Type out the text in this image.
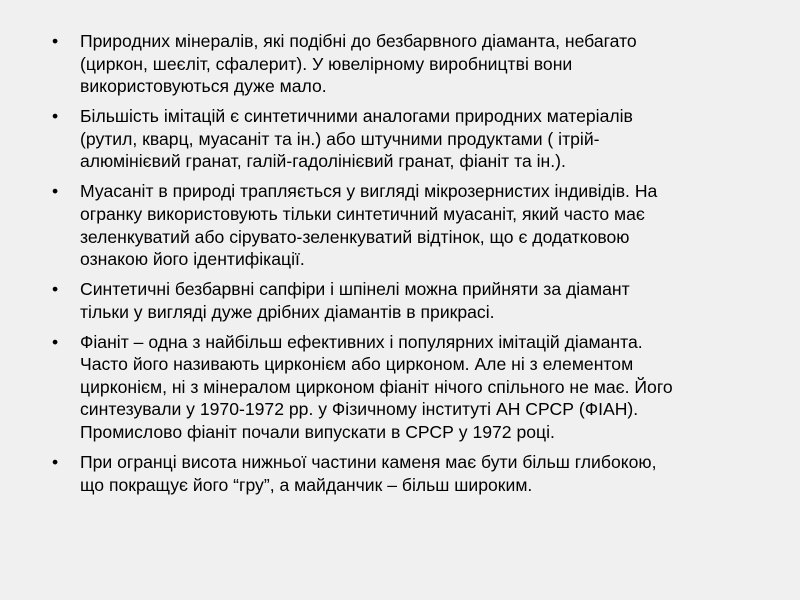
•	Природних мінералів, які подібні до безбарвного діаманта, небагато
(циркон, шеєліт, сфалерит). У ювелірному виробництві вони
використовуються дуже мало.
•	Більшість імітацій є синтетичними аналогами природних матеріалів
(рутил, кварц, муасаніт та ін.) або штучними продуктами ( ітрій-
алюмінієвий гранат, галій-гадолінієвий гранат, фіаніт та ін.).
•	Муасаніт в природі трапляється у вигляді мікрозернистих індивідів. На
огранку використовують тільки синтетичний муасаніт, який часто має
зеленкуватий або сірувато-зеленкуватий відтінок, що є додатковою
ознакою його ідентифікації.
•	Синтетичні безбарвні сапфіри і шпінелі можна прийняти за діамант
тільки у вигляді дуже дрібних діамантів в прикрасі.
•	Фіаніт – одна з найбільш ефективних і популярних імітацій діаманта.
Часто його називають цирконієм або цирконом. Але ні з елементом
цирконієм, ні з мінералом цирконом фіаніт нічого спільного не має. Його
синтезували у 1970-1972 рр. у Фізичному інституті АН СРСР (ФІАН).
Промислово фіаніт почали випускати в СРСР у 1972 році.
•	При огранці висота нижньої частини каменя має бути більш глибокою,
що покращує його “гру”, а майданчик – більш широким.
